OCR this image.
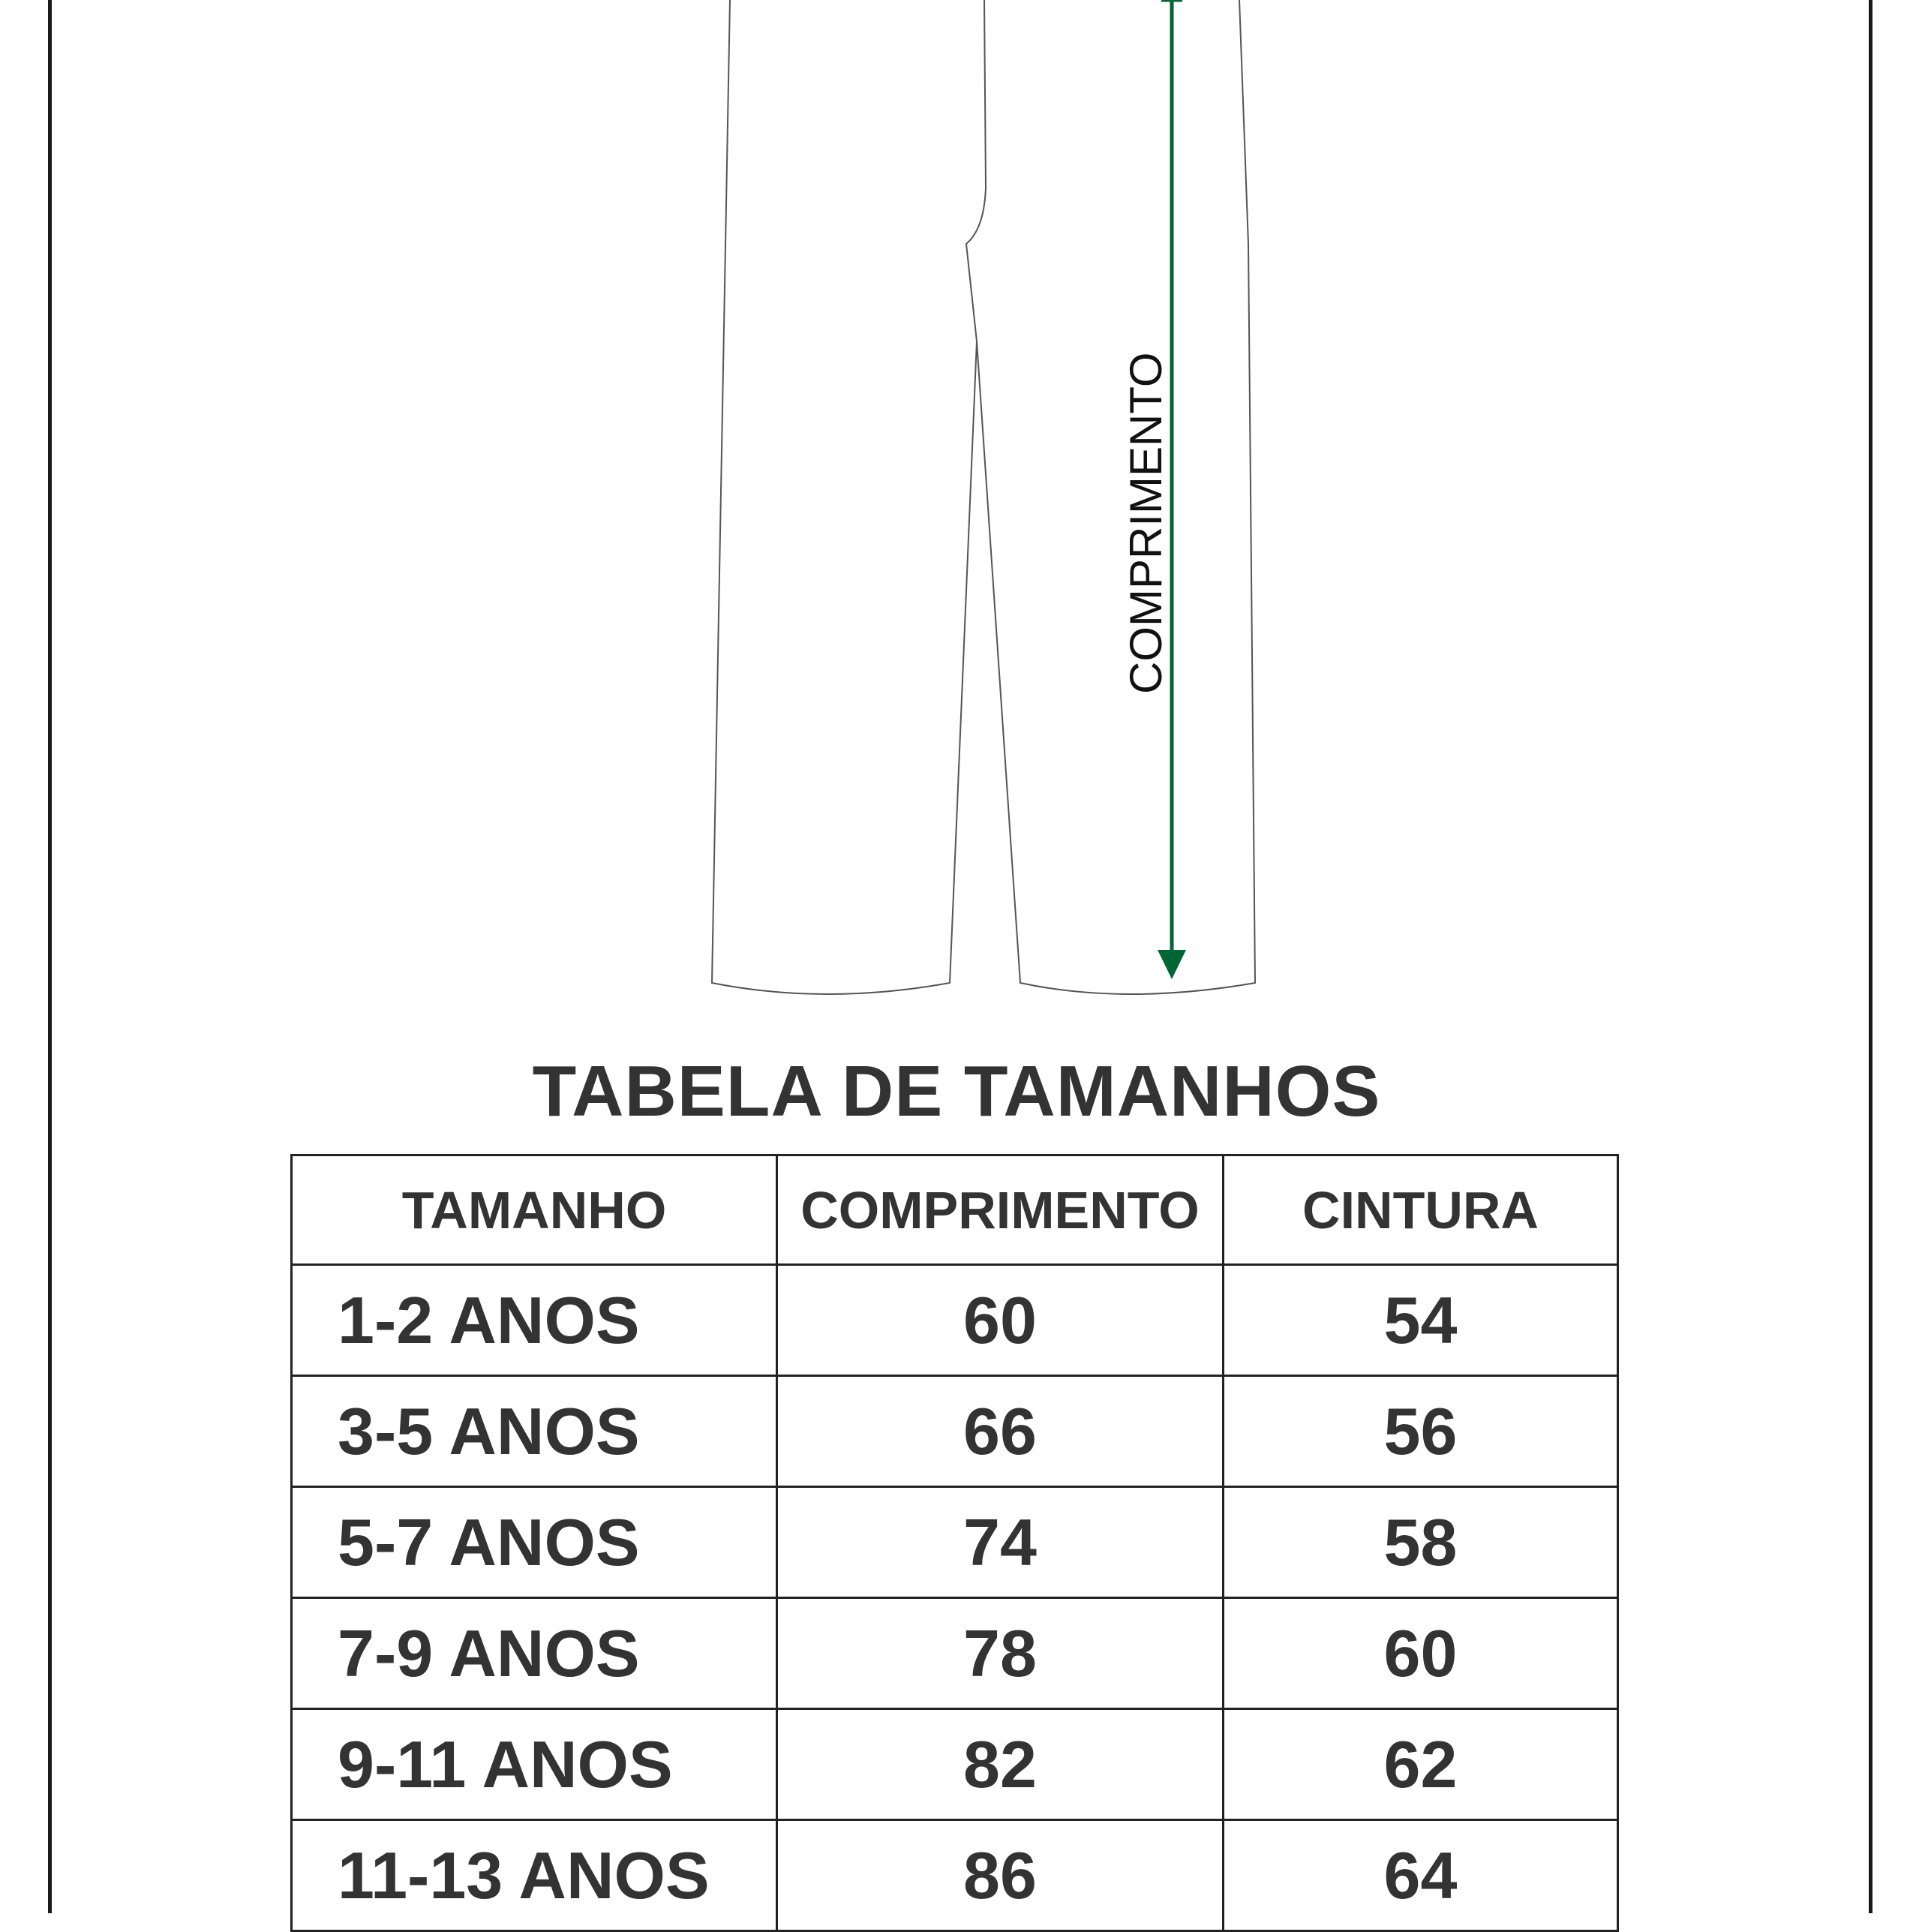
COMPRIMENTO
TABELA DE TAMANHOS
TAMANHO	COMPRIMENTO	CINTURA
1-2 ANOS	60	54
3-5 ANOS	66	56
5-7 ANOS	74	58
7-9 ANOS	78	60
9-11 ANOS	82	62
11-13 ANOS	86	64
